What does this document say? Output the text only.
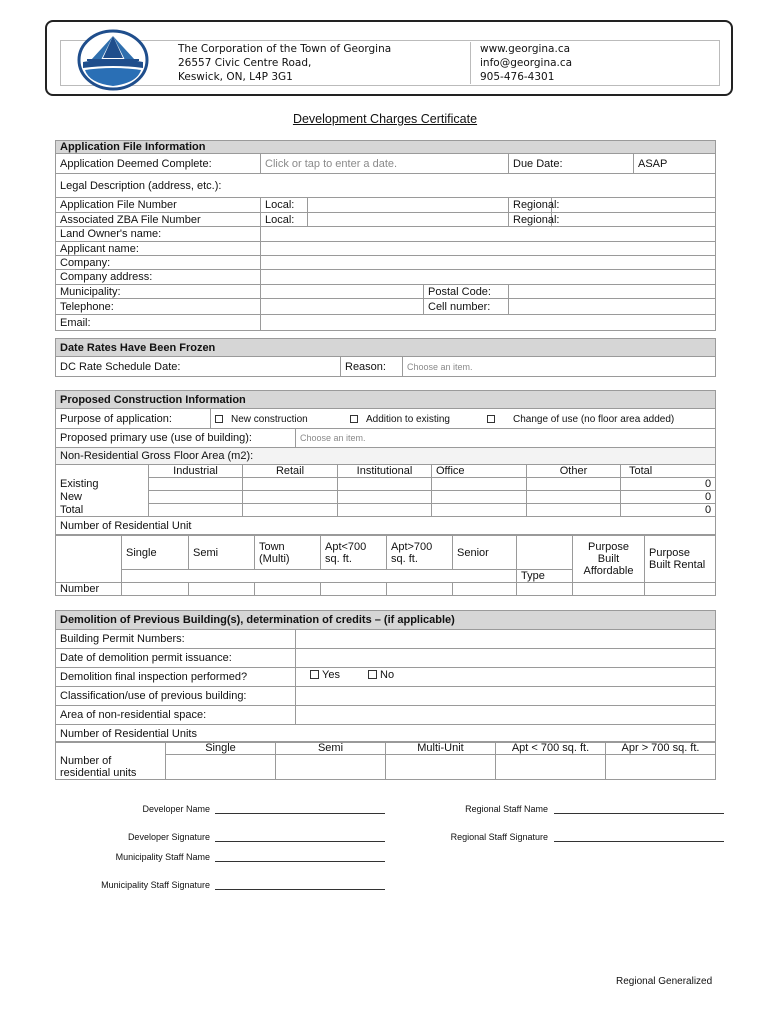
The Corporation of the Town of Georgina
26557 Civic Centre Road,
Keswick, ON, L4P 3G1
www.georgina.ca
info@georgina.ca
905-476-4301
Development Charges Certificate
Application File Information						
Application Deemed Complete:	Click or tap to enter a date.			Due Date:		ASAP
Legal Description (address, etc.):						
Application File Number	Local:			Regional:		
Associated ZBA File Number	Local:			Regional:		
Land Owner's name:						
Applicant name:						
Company:						
Company address:						
Municipality:			Postal Code:			
Telephone:			Cell number:			
Email:						
Date Rates Have Been Frozen
DC Rate Schedule Date:	Reason:	Choose an item.
Proposed Construction Information		
Purpose of application:	New construction Addition to existing Change of use (no floor area added)	
Proposed primary use (use of building):		Choose an item.
Non-Residential Gross Floor Area (m2):						
	Industrial	Retail	Institutional	Office	Other	Total
Existing						0
New						0
Total						0
Number of Residential Unit						
	Single	Semi	Town (Multi)	Apt<700 sq. ft.	Apt>700 sq. ft.	Senior		Purpose Built Affordable	Purpose Built Rental
							Type		
Number									
Demolition of Previous Building(s), determination of credits – (if applicable)	
Building Permit Numbers:	
Date of demolition permit issuance:	
Demolition final inspection performed?	Yes No
Classification/use of previous building:	
Area of non-residential space:	
Number of Residential Units	
	Single	Semi	Multi-Unit	Apt < 700 sq. ft.	Apr > 700 sq. ft.
Number of residential units					
Developer Name
Developer Signature
Municipality Staff Name
Municipality Staff Signature
Regional Staff Name
Regional Staff Signature
Regional Generalized
